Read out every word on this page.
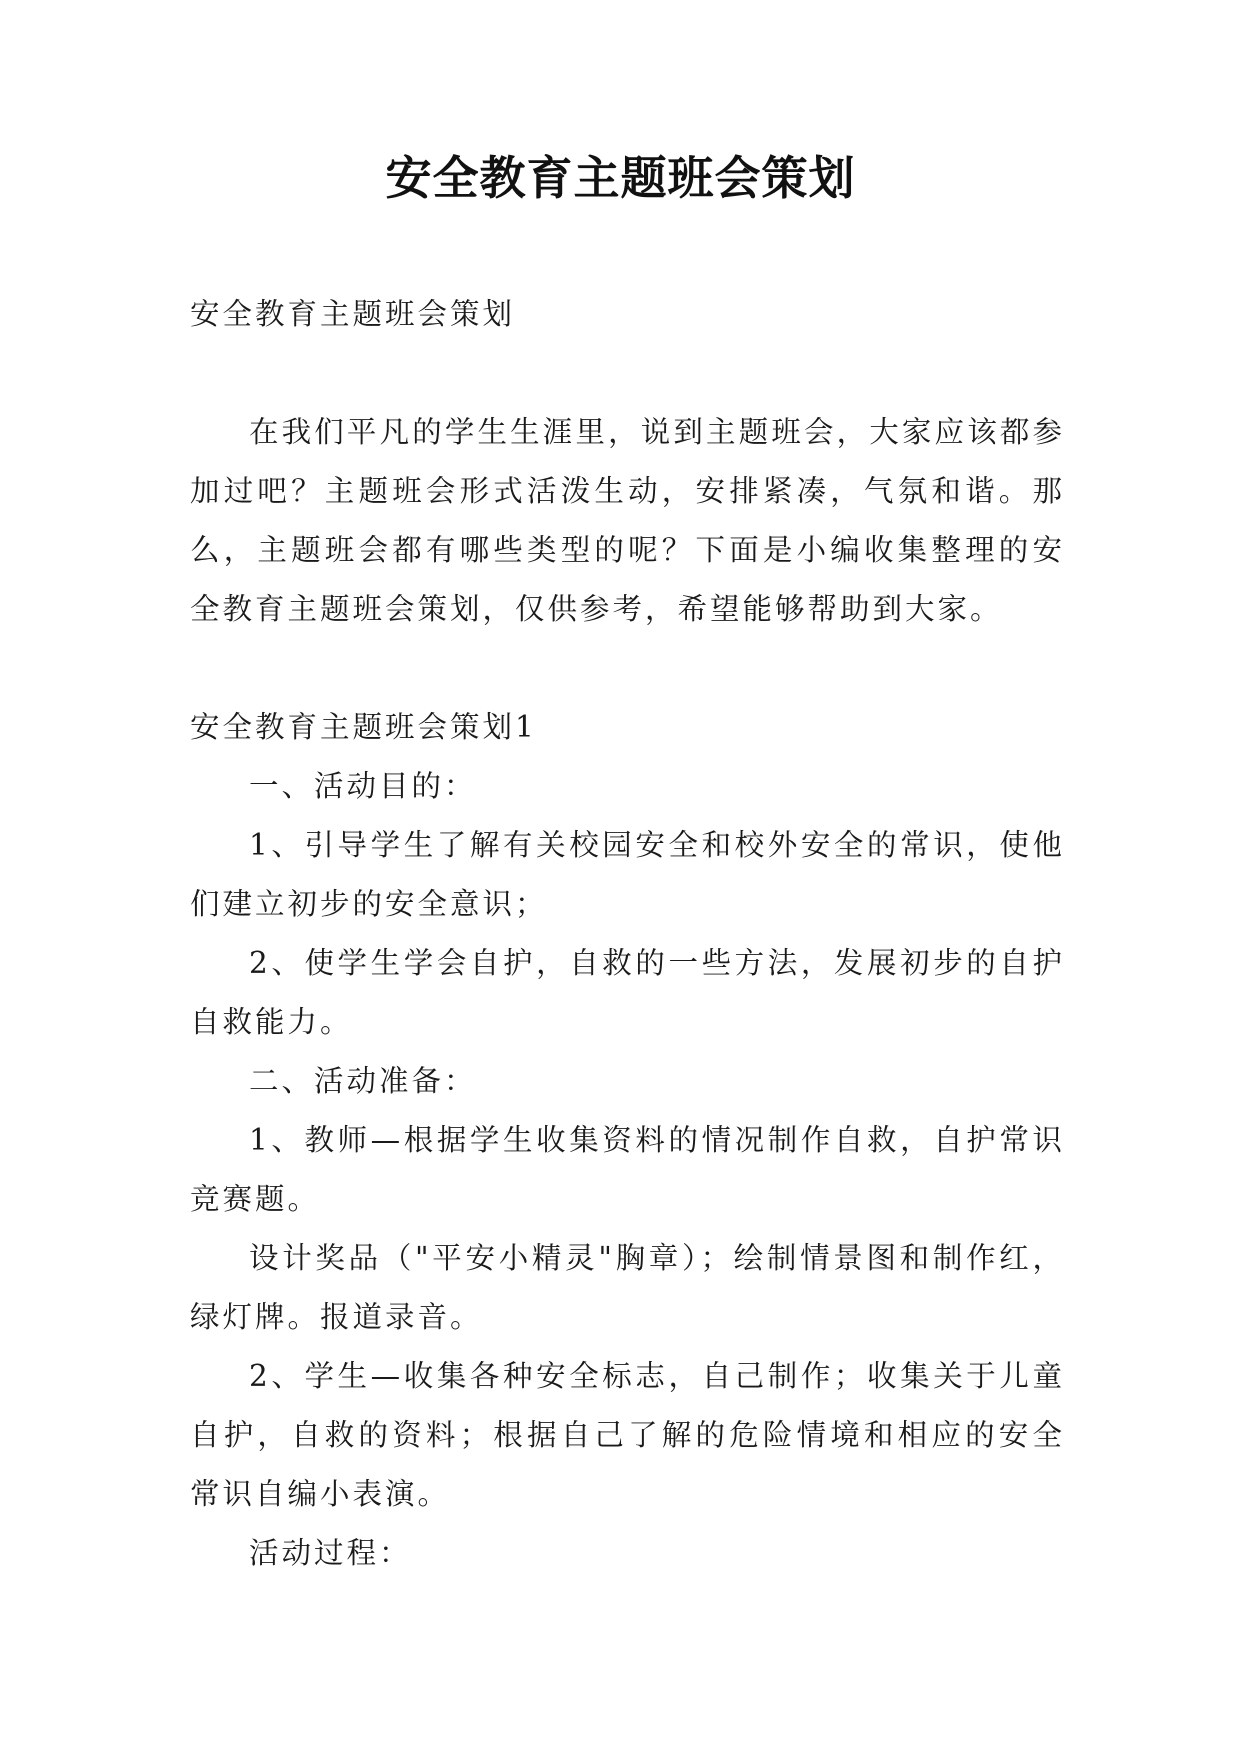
安全教育主题班会策划

安全教育主题班会策划

在我们平凡的学生生涯里，说到主题班会，大家应该都参加过吧？主题班会形式活泼生动，安排紧凑，气氛和谐。那么，主题班会都有哪些类型的呢？下面是小编收集整理的安全教育主题班会策划，仅供参考，希望能够帮助到大家。

安全教育主题班会策划1

一、活动目的：

1、引导学生了解有关校园安全和校外安全的常识，使他们建立初步的安全意识；

2、使学生学会自护，自救的一些方法，发展初步的自护自救能力。

二、活动准备：

1、教师—根据学生收集资料的情况制作自救，自护常识竞赛题。

设计奖品（"平安小精灵"胸章）；绘制情景图和制作红，绿灯牌。报道录音。

2、学生—收集各种安全标志，自己制作；收集关于儿童自护，自救的资料；根据自己了解的危险情境和相应的安全常识自编小表演。

活动过程：
